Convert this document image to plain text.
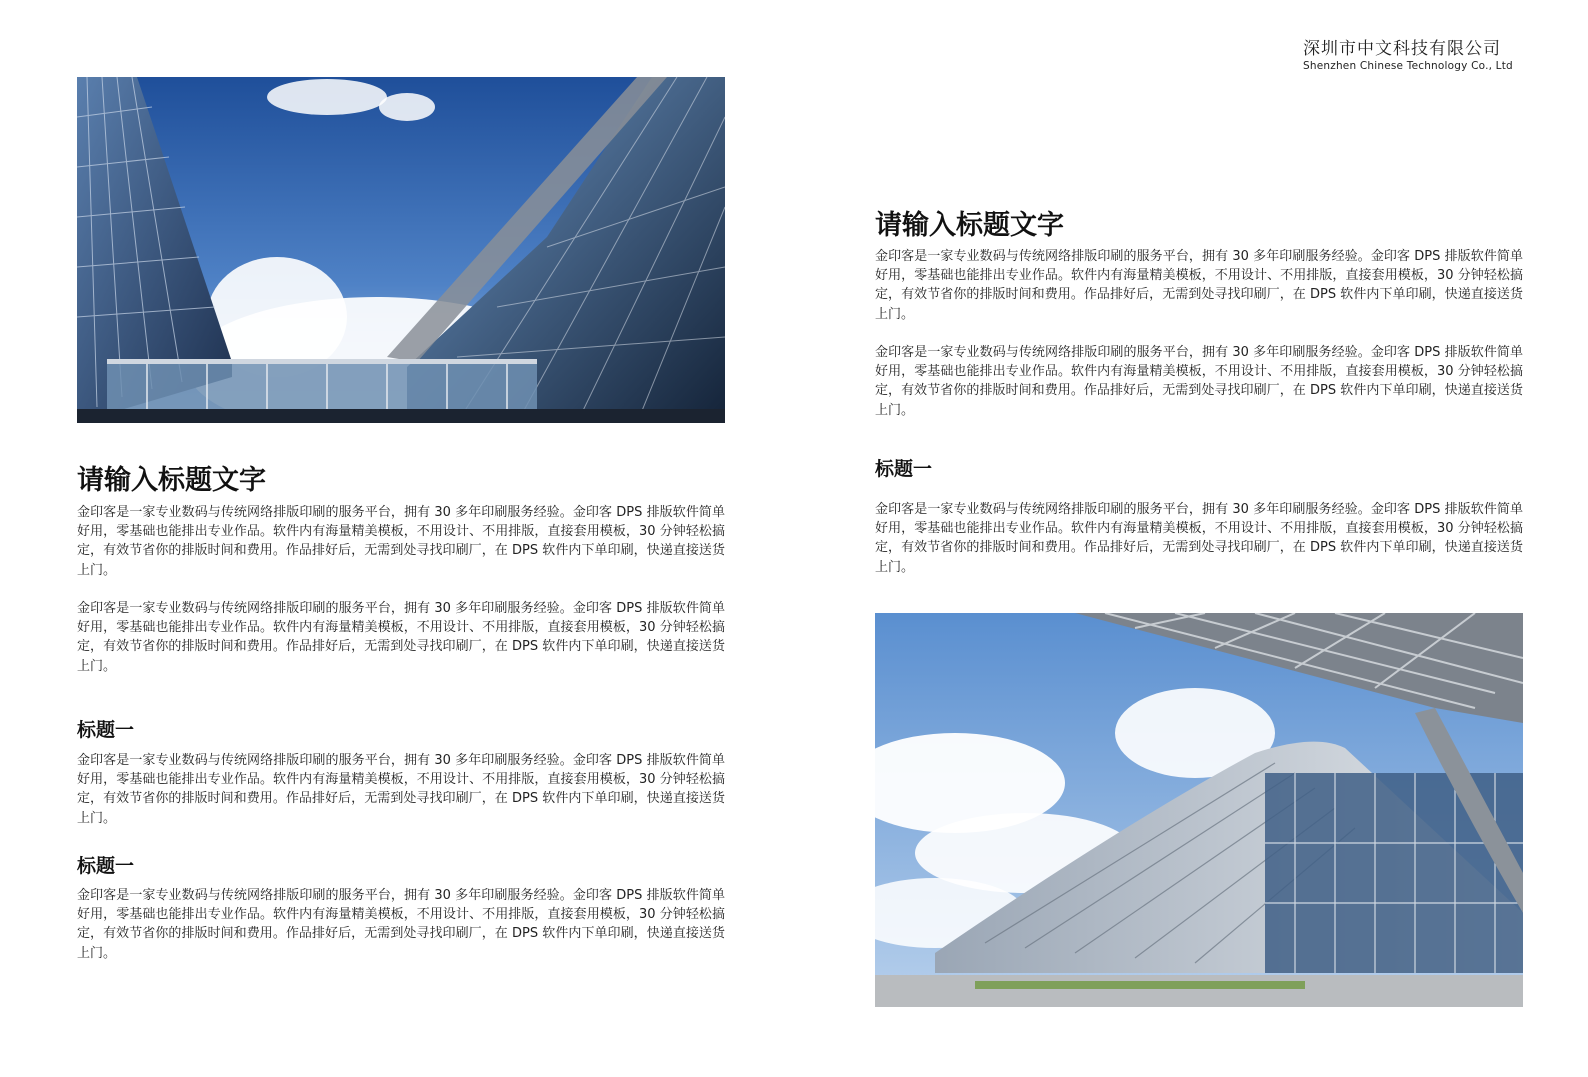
深圳市中文科技有限公司
Shenzhen Chinese Technology Co., Ltd
请输入标题文字

金印客是一家专业数码与传统网络排版印刷的服务平台，拥有 30 多年印刷服务经验。金印客 DPS 排版软件简单好用，零基础也能排出专业作品。软件内有海量精美模板，不用设计、不用排版，直接套用模板，30 分钟轻松搞定，有效节省你的排版时间和费用。作品排好后，无需到处寻找印刷厂，在 DPS 软件内下单印刷，快递直接送货上门。

金印客是一家专业数码与传统网络排版印刷的服务平台，拥有 30 多年印刷服务经验。金印客 DPS 排版软件简单好用，零基础也能排出专业作品。软件内有海量精美模板，不用设计、不用排版，直接套用模板，30 分钟轻松搞定，有效节省你的排版时间和费用。作品排好后，无需到处寻找印刷厂，在 DPS 软件内下单印刷，快递直接送货上门。

标题一

金印客是一家专业数码与传统网络排版印刷的服务平台，拥有 30 多年印刷服务经验。金印客 DPS 排版软件简单好用，零基础也能排出专业作品。软件内有海量精美模板，不用设计、不用排版，直接套用模板，30 分钟轻松搞定，有效节省你的排版时间和费用。作品排好后，无需到处寻找印刷厂，在 DPS 软件内下单印刷，快递直接送货上门。

标题一

金印客是一家专业数码与传统网络排版印刷的服务平台，拥有 30 多年印刷服务经验。金印客 DPS 排版软件简单好用，零基础也能排出专业作品。软件内有海量精美模板，不用设计、不用排版，直接套用模板，30 分钟轻松搞定，有效节省你的排版时间和费用。作品排好后，无需到处寻找印刷厂，在 DPS 软件内下单印刷，快递直接送货上门。

请输入标题文字

金印客是一家专业数码与传统网络排版印刷的服务平台，拥有 30 多年印刷服务经验。金印客 DPS 排版软件简单好用，零基础也能排出专业作品。软件内有海量精美模板，不用设计、不用排版，直接套用模板，30 分钟轻松搞定，有效节省你的排版时间和费用。作品排好后，无需到处寻找印刷厂，在 DPS 软件内下单印刷，快递直接送货上门。

金印客是一家专业数码与传统网络排版印刷的服务平台，拥有 30 多年印刷服务经验。金印客 DPS 排版软件简单好用，零基础也能排出专业作品。软件内有海量精美模板，不用设计、不用排版，直接套用模板，30 分钟轻松搞定，有效节省你的排版时间和费用。作品排好后，无需到处寻找印刷厂，在 DPS 软件内下单印刷，快递直接送货上门。

标题一

金印客是一家专业数码与传统网络排版印刷的服务平台，拥有 30 多年印刷服务经验。金印客 DPS 排版软件简单好用，零基础也能排出专业作品。软件内有海量精美模板，不用设计、不用排版，直接套用模板，30 分钟轻松搞定，有效节省你的排版时间和费用。作品排好后，无需到处寻找印刷厂，在 DPS 软件内下单印刷，快递直接送货上门。
